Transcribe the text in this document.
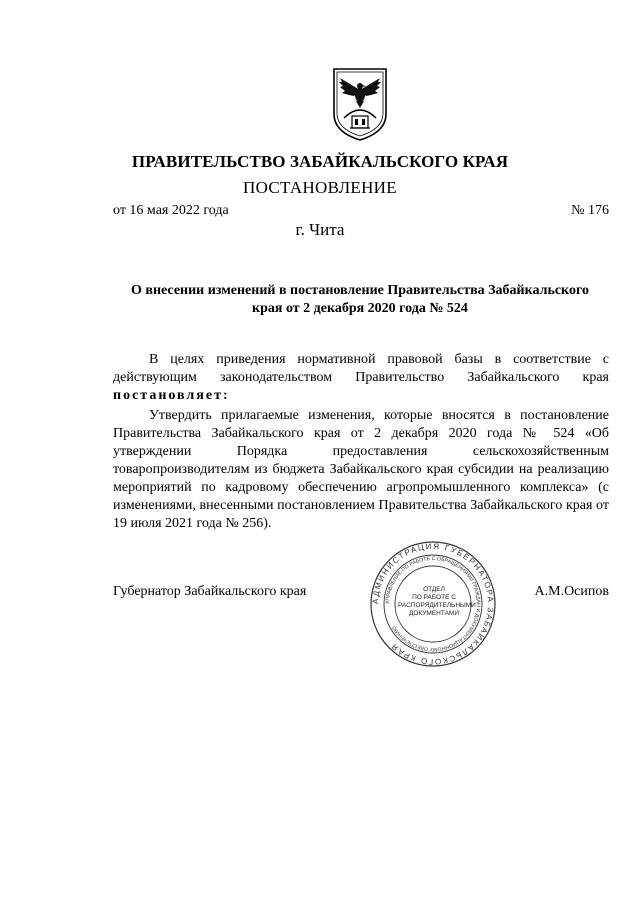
ПРАВИТЕЛЬСТВО ЗАБАЙКАЛЬСКОГО КРАЯ
ПОСТАНОВЛЕНИЕ
от 16 мая 2022 года	№ 176
г. Чита
О внесении изменений в постановление Правительства Забайкальского
края от 2 декабря 2020 года № 524
В целях приведения нормативной правовой базы в соответствие с действующим законодательством Правительство Забайкальского края постановляет:
Утвердить прилагаемые изменения, которые вносятся в постановление Правительства Забайкальского края от 2 декабря 2020 года № 524 «Об утверждении Порядка предоставления сельскохозяйственным товаропроизводителям из бюджета Забайкальского края субсидии на реализацию мероприятий по кадровому обеспечению агропромышленного комплекса» (с изменениями, внесенными постановлением Правительства Забайкальского края от 19 июля 2021 года № 256).
Губернатор Забайкальского края	А.М.Осипов
АДМИНИСТРАЦИЯ ГУБЕРНАТОРА ЗАБАЙКАЛЬСКОГО КРАЯ
УПРАВЛЕНИЕ ПО РАБОТЕ С ОБРАЩЕНИЯМИ ГРАЖДАН И ДОКУМЕНТАЦИОННОМУ ОБЕСПЕЧЕНИЮ
ОТДЕЛ
ПО РАБОТЕ С
РАСПОРЯДИТЕЛЬНЫМИ
ДОКУМЕНТАМИ
